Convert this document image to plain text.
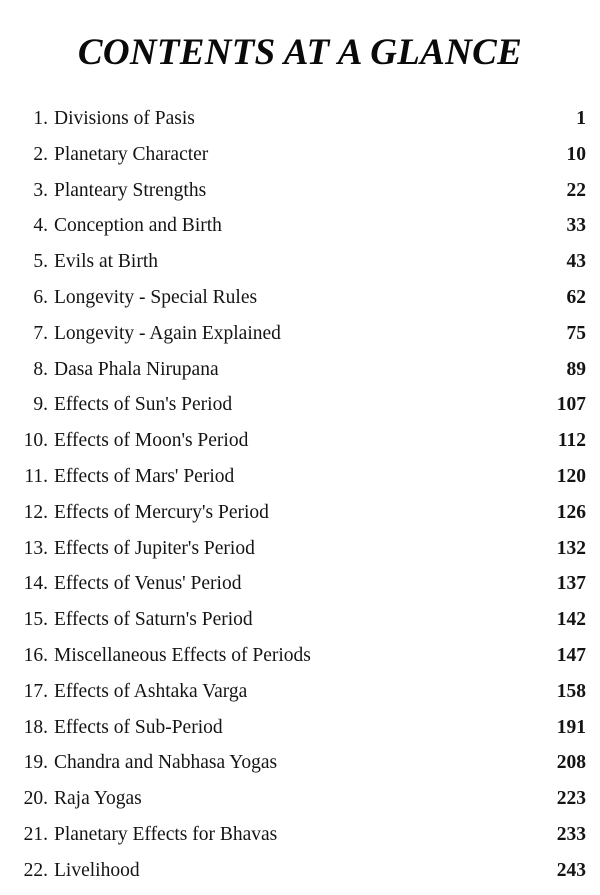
CONTENTS AT A GLANCE
1. Divisions of Pasis	1
2. Planetary Character	10
3. Planteary Strengths	22
4. Conception and Birth	33
5. Evils at Birth	43
6. Longevity - Special Rules	62
7. Longevity - Again Explained	75
8. Dasa Phala Nirupana	89
9. Effects of Sun's Period	107
10. Effects of Moon's Period	112
11. Effects of Mars' Period	120
12. Effects of Mercury's Period	126
13. Effects of Jupiter's Period	132
14. Effects of Venus' Period	137
15. Effects of Saturn's Period	142
16. Miscellaneous Effects of Periods	147
17. Effects of Ashtaka Varga	158
18. Effects of Sub-Period	191
19. Chandra and Nabhasa Yogas	208
20. Raja Yogas	223
21. Planetary Effects for Bhavas	233
22. Livelihood	243
